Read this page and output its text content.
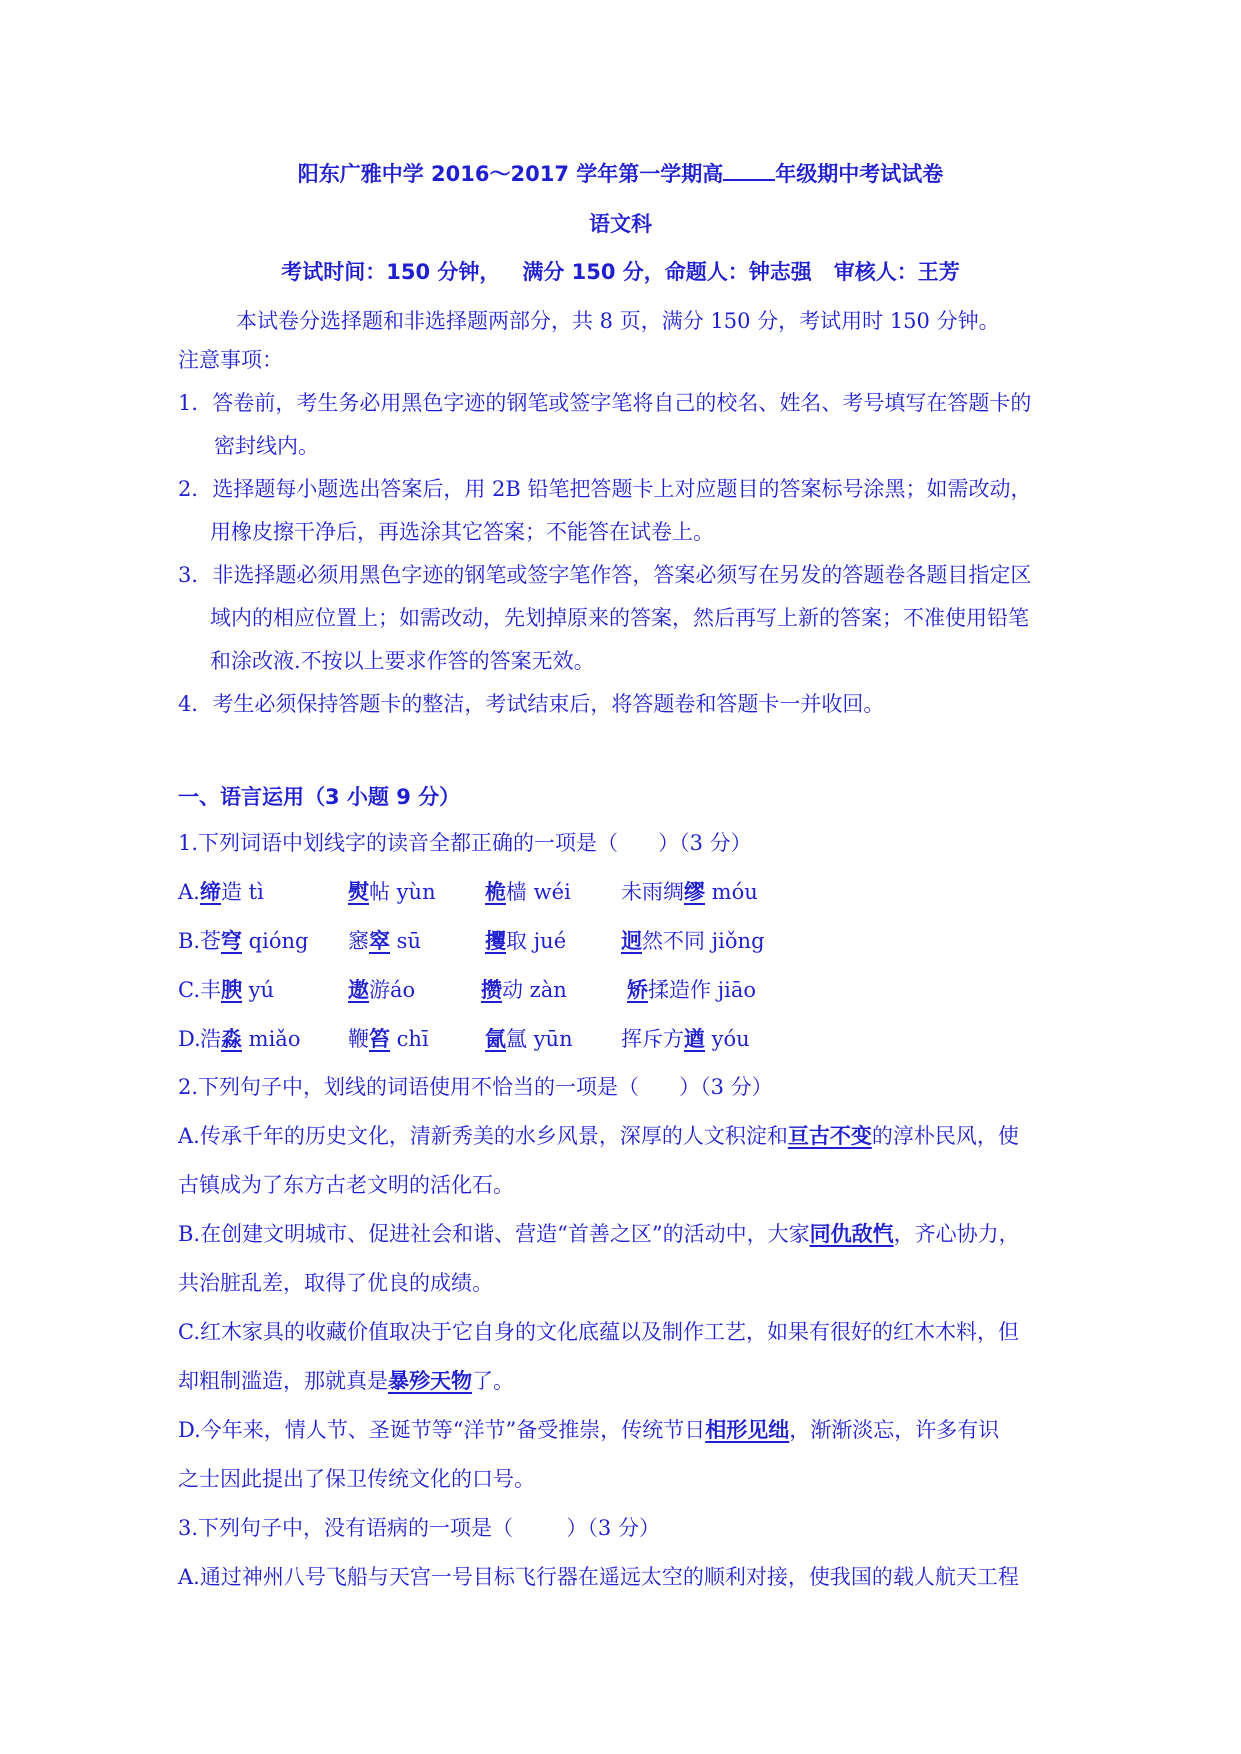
阳东广雅中学 2016～2017 学年第一学期高 年级期中考试试卷
语文科
考试时间：150 分钟，   满分 150 分，命题人：钟志强   审核人：王芳
本试卷分选择题和非选择题两部分，共 8 页，满分 150 分，考试用时 150 分钟。
注意事项：
1．答卷前，考生务必用黑色字迹的钢笔或签字笔将自己的校名、姓名、考号填写在答题卡的
密封线内。
2．选择题每小题选出答案后，用 2B 铅笔把答题卡上对应题目的答案标号涂黑；如需改动，
用橡皮擦干净后，再选涂其它答案；不能答在试卷上。
3．非选择题必须用黑色字迹的钢笔或签字笔作答，答案必须写在另发的答题卷各题目指定区
域内的相应位置上；如需改动，先划掉原来的答案，然后再写上新的答案；不准使用铅笔
和涂改液.不按以上要求作答的答案无效。
4．考生必须保持答题卡的整洁，考试结束后，将答题卷和答题卡一并收回。
一、语言运用（3 小题 9 分）
1.下列词语中划线字的读音全都正确的一项是（      ）（3 分）
A. 缔造 tì	熨帖 yùn 桅樯 wéi 未雨绸缪 móu
B. 苍穹 qióng 窸窣 sū	攫取 jué	迥然不同 jiǒng
C. 丰腴 yú	遨游áo	攒动 zàn	矫揉造作 jiāo
D. 浩淼 miǎo 鞭笞 chī	氤氲 yūn 挥斥方遒 yóu
2.下列句子中，划线的词语使用不恰当的一项是（      ）（3 分）
A.传承千年的历史文化，清新秀美的水乡风景，深厚的人文积淀和亘古不变的淳朴民风，使
古镇成为了东方古老文明的活化石。
B.在创建文明城市、促进社会和谐、营造“首善之区”的活动中，大家同仇敌忾，齐心协力，
共治脏乱差，取得了优良的成绩。
C.红木家具的收藏价值取决于它自身的文化底蕴以及制作工艺，如果有很好的红木木料，但
却粗制滥造，那就真是暴殄天物了。
D.今年来，情人节、圣诞节等“洋节”备受推崇，传统节日相形见绌，渐渐淡忘，许多有识
之士因此提出了保卫传统文化的口号。
3.下列句子中，没有语病的一项是（        ）（3 分）
A.通过神州八号飞船与天宫一号目标飞行器在遥远太空的顺利对接，使我国的载人航天工程
